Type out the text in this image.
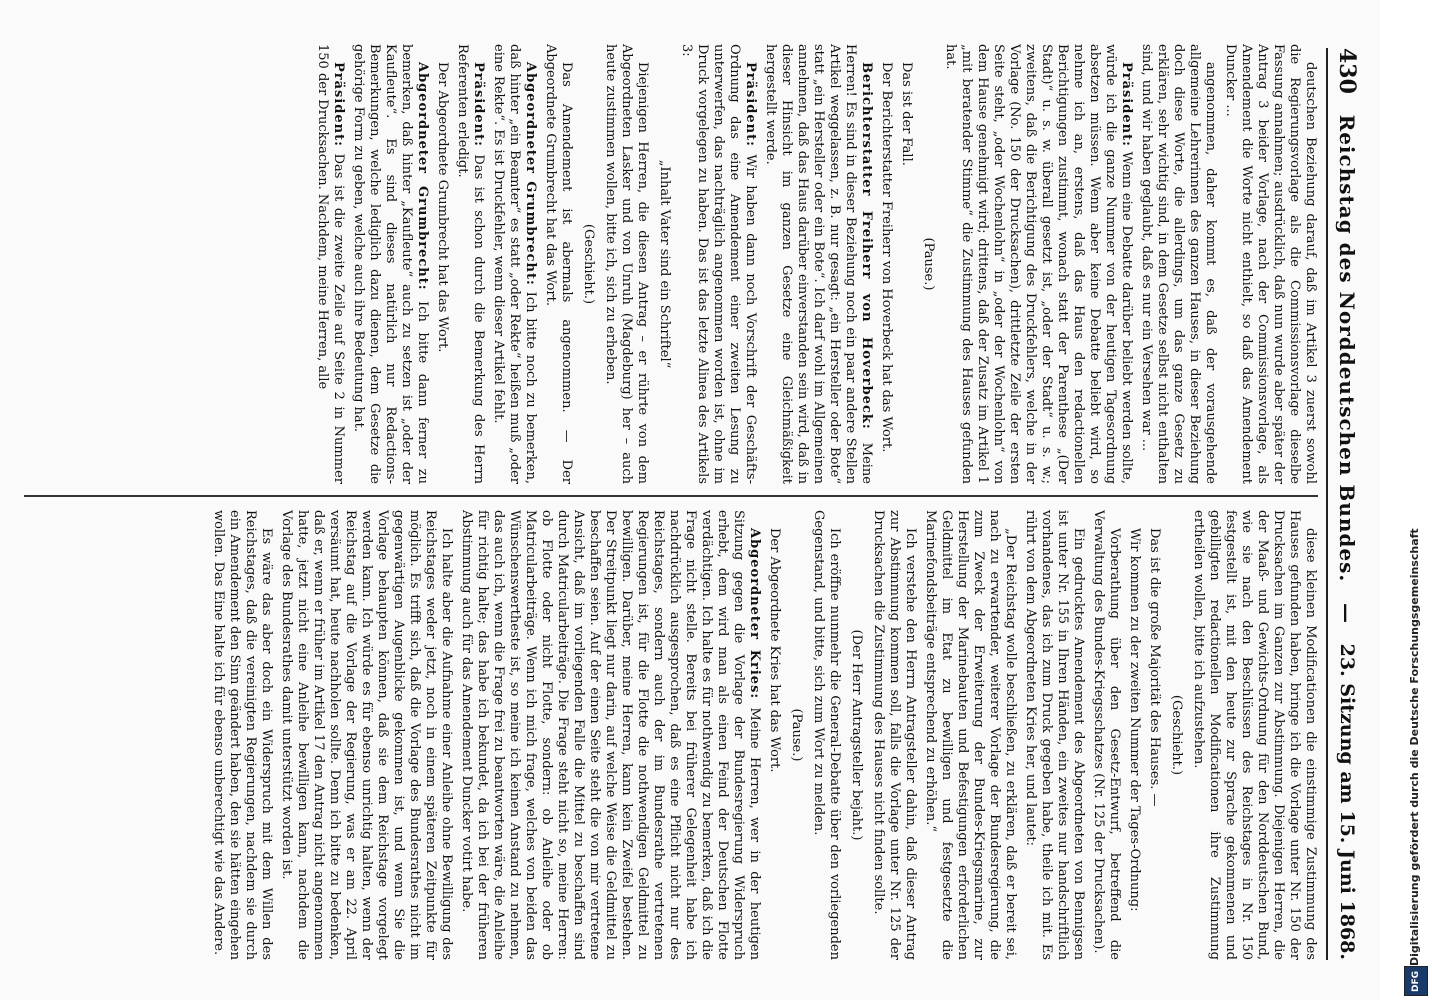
430
Reichstag des Norddeutschen Bundes.
—
23. Sitzung am 15. Juni 1868.

deutschen Beziehung darauf, daß im Artikel 3 zuerst sowohl die Regierungsvorlage als die Commissionsvorlage dieselbe Fassung annahmen; ausdrücklich, daß nun wurde aber später der Antrag 3 beider Vorlage, nach der Commissionsvorlage, als Amendement die Worte nicht enthielt, so daß das Amendement Duncker ...

angenommen, daher kommt es, daß der vorausgehende allgemeine Lehrerinnen des ganzen Hauses, in dieser Beziehung doch diese Worte, die allerdings, um das ganze Gesetz zu erklären, sehr wichtig sind, in dem Gesetze selbst nicht enthalten sind, und wir haben geglaubt, daß es nur ein Versehen war ...

Präsident: Wenn eine Debatte darüber beliebt werden sollte, würde ich die ganze Nummer von der heutigen Tagesordnung absetzen müssen. Wenn aber keine Debatte beliebt wird, so nehme ich an, erstens, daß das Haus den redactionellen Berichtigungen zustimmt, wonach statt der Parenthese „(Der Stadt)“ u. s. w. überall gesetzt ist, „oder der Stadt“ u. s. w.; zweitens, daß die Berichtigung des Druckfehlers, welche in der Vorlage (No. 150 der Drucksachen), drittletzte Zeile der ersten Seite steht, „oder Wochenlohn“ in „oder der Wochenlohn“ von dem Hause genehmigt wird; drittens, daß der Zusatz im Artikel 1 „mit beratender Stimme“ die Zustimmung des Hauses gefunden hat.

(Pause.)

Das ist der Fall.

Der Berichterstatter Freiherr von Hoverbeck hat das Wort.

Berichterstatter Freiherr von Hoverbeck: Meine Herren! Es sind in dieser Beziehung noch ein paar andere Stellen Artikel weggelassen, z. B. nur gesagt: „ein Hersteller oder Bote“ statt „ein Hersteller oder ein Bote“. Ich darf wohl im Allgemeinen annehmen, daß das Haus darüber einverstanden sein wird, daß in dieser Hinsicht im ganzen Gesetze eine Gleichmäßigkeit hergestellt werde.

Präsident: Wir haben dann noch Vorschrift der Geschäfts-Ordnung das eine Amendement einer zweiten Lesung zu unterwerfen, das nachträglich angenommen worden ist, ohne im Druck vorgelegen zu haben. Das ist das letzte Alinea des Artikels 3:

„Inhalt Vater sind ein Schriftel“

Diejenigen Herren, die diesen Antrag – er rührte von dem Abgeordneten Lasker und von Unruh (Magdeburg) her – auch heute zustimmen wollen, bitte ich, sich zu erheben.

(Geschieht.)

Das Amendement ist abermals angenommen. — Der Abgeordnete Grumbrecht hat das Wort.

Abgeordneter Grumbrecht: Ich bitte noch zu bemerken, daß hinter „ein Beamter“ es statt „oder Rekte“ heißen muß „oder eine Rekte“. Es ist Druckfehler, wenn dieser Artikel fehlt.

Präsident: Das ist schon durch die Bemerkung des Herrn Referenten erledigt.

Der Abgeordnete Grumbrecht hat das Wort.

Abgeordneter Grumbrecht: Ich bitte dann ferner zu bemerken, daß hinter „Kaufleute“ auch zu setzen ist „oder der Kaufleute“. Es sind dieses natürlich nur Redactions-Bemerkungen, welche lediglich dazu dienen, dem Gesetze die gehörige Form zu geben, welche auch ihre Bedeutung hat.

Präsident: Das ist die zweite Zeile auf Seite 2 in Nummer 150 der Drucksachen. Nachdem, meine Herren, alle

diese kleinen Modificationen die einstimmige Zustimmung des Hauses gefunden haben, bringe ich die Vorlage unter Nr. 150 der Drucksachen im Ganzen zur Abstimmung. Diejenigen Herren, die der Maaß- und Gewichts-Ordnung für den Norddeutschen Bund, wie sie nach den Beschlüssen des Reichstages in Nr. 150 festgestellt ist, mit den heute zur Sprache gekommenen und gebilligten redactionellen Modificationen ihre Zustimmung ertheilen wollen, bitte ich aufzustehen.

(Geschieht.)

Das ist die große Majorität des Hauses. —

Wir kommen zu der zweiten Nummer der Tages-Ordnung:

Vorberathung über den Gesetz-Entwurf, betreffend die Verwaltung des Bundes-Kriegsschatzes (Nr. 125 der Drucksachen).

Ein gedrucktes Amendement des Abgeordneten von Bennigsen ist unter Nr. 155 in Ihren Händen, ein zweites nur handschriftlich vorhandenes, das ich zum Druck gegeben habe, theile ich mit. Es rührt von dem Abgeordneten Kries her, und lautet:

„Der Reichstag wolle beschließen, zu erklären, daß er bereit sei, nach zu erwartender, weiterer Vorlage der Bundesregierung, die zum Zweck der Erweiterung der Bundes-Kriegsmarine, zur Herstellung der Marinebauten und Befestigungen erforderlichen Geldmittel im Etat zu bewilligen und festgesetzte die Marinefondsbeiträge entsprechend zu erhöhen.“

Ich verstehe den Herrn Antragsteller dahin, daß dieser Antrag zur Abstimmung kommen soll, falls die Vorlage unter Nr. 125 der Drucksachen die Zustimmung des Hauses nicht finden sollte.

(Der Herr Antragsteller bejaht.)

Ich eröffne nunmehr die General-Debatte über den vorliegenden Gegenstand, und bitte, sich zum Wort zu melden.

(Pause.)

Der Abgeordnete Kries hat das Wort.

Abgeordneter Kries: Meine Herren, wer in der heutigen Sitzung gegen die Vorlage der Bundesregierung Widerspruch erhebt, dem wird man als einen Feind der Deutschen Flotte verdächtigen. Ich halte es für nothwendig zu bemerken, daß ich die Frage nicht stelle. Bereits bei früherer Gelegenheit habe ich nachdrücklich ausgesprochen, daß es eine Pflicht nicht nur des Reichstages, sondern auch der im Bundesrathe vertretenen Regierungen ist, für die Flotte die nothwendigen Geldmittel zu bewilligen. Darüber, meine Herren, kann kein Zweifel bestehen. Der Streitpunkt liegt nur darin, auf welche Weise die Geldmittel zu beschaffen seien. Auf der einen Seite steht die von mir vertretene Ansicht, daß im vorliegenden Falle die Mittel zu beschaffen sind durch Matricularbeiträge. Die Frage steht nicht so, meine Herren: ob Flotte oder nicht Flotte, sondern: ob Anleihe oder ob Matricularbeiträge. Wenn ich mich frage, welches von beiden das Wünschenswertheste ist, so meine ich keinen Anstand zu nehmen, das auch ich, wenn die Frage frei zu beantworten wäre, die Anleihe für richtig halte; das habe ich bekundet, da ich bei der früheren Abstimmung auch für das Amendement Duncker votirt habe.

Ich halte aber die Aufnahme einer Anleihe ohne Bewilligung des Reichstages weder jetzt, noch in einem späteren Zeitpunkte für möglich. Es trifft sich, daß die Vorlage des Bundesrathes nicht im gegenwärtigen Augenblicke gekommen ist, und wenn Sie die Vorlage behaupten können, daß sie dem Reichstage vorgelegt werden kann. Ich würde es für ebenso unrichtig halten, wenn der Reichstag auf die Vorlage der Regierung, was er am 22. April versäumt hat, heute nachholen sollte. Denn ich bitte zu bedenken, daß er, wenn er früher im Artikel 17 den Antrag nicht angenommen hatte, jetzt nicht eine Anleihe bewilligen kann, nachdem die Vorlage des Bundesrathes damit unterstützt worden ist.

Es wäre das aber doch ein Widerspruch mit dem Willen des Reichstages, daß die vereinigten Regierungen, nachdem sie durch ein Amendement den Sinn geändert haben, den sie hätten eingehen wollen. Das Eine halte ich für ebenso unberechtigt wie das Andere.	Digitalisierung gefördert durch die Deutsche Forschungsgemeinschaft
DFG
